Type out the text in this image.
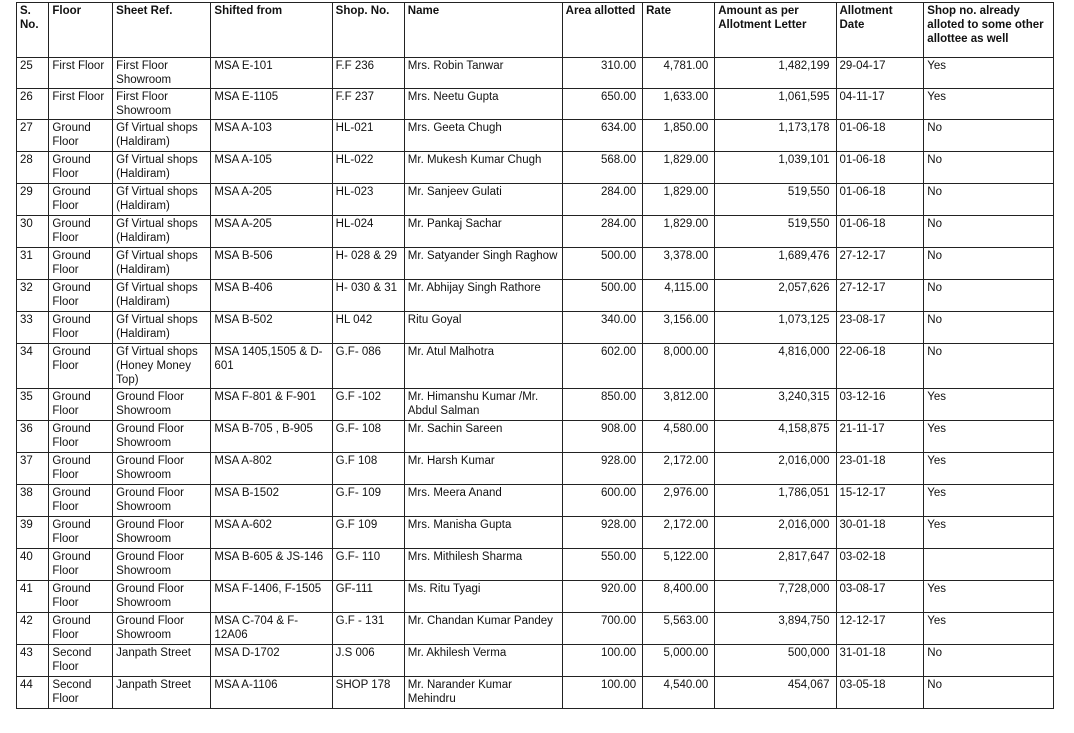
S. No.	Floor	Sheet Ref.	Shifted from	Shop. No.	Name	Area allotted	Rate	Amount as per Allotment Letter	Allotment Date	Shop no. already alloted to some other allottee as well
25	First Floor	First Floor Showroom	MSA E-101	F.F 236	Mrs. Robin Tanwar	310.00	4,781.00	1,482,199	29-04-17	Yes
26	First Floor	First Floor Showroom	MSA E-1105	F.F 237	Mrs. Neetu Gupta	650.00	1,633.00	1,061,595	04-11-17	Yes
27	Ground Floor	Gf Virtual shops (Haldiram)	MSA A-103	HL-021	Mrs. Geeta Chugh	634.00	1,850.00	1,173,178	01-06-18	No
28	Ground Floor	Gf Virtual shops (Haldiram)	MSA A-105	HL-022	Mr. Mukesh Kumar Chugh	568.00	1,829.00	1,039,101	01-06-18	No
29	Ground Floor	Gf Virtual shops (Haldiram)	MSA A-205	HL-023	Mr. Sanjeev Gulati	284.00	1,829.00	519,550	01-06-18	No
30	Ground Floor	Gf Virtual shops (Haldiram)	MSA A-205	HL-024	Mr. Pankaj Sachar	284.00	1,829.00	519,550	01-06-18	No
31	Ground Floor	Gf Virtual shops (Haldiram)	MSA B-506	H- 028 & 29	Mr. Satyander Singh Raghow	500.00	3,378.00	1,689,476	27-12-17	No
32	Ground Floor	Gf Virtual shops (Haldiram)	MSA B-406	H- 030 & 31	Mr. Abhijay Singh Rathore	500.00	4,115.00	2,057,626	27-12-17	No
33	Ground Floor	Gf Virtual shops (Haldiram)	MSA B-502	HL 042	Ritu Goyal	340.00	3,156.00	1,073,125	23-08-17	No
34	Ground Floor	Gf Virtual shops (Honey Money Top)	MSA 1405,1505 & D-601	G.F- 086	Mr. Atul Malhotra	602.00	8,000.00	4,816,000	22-06-18	No
35	Ground Floor	Ground Floor Showroom	MSA F-801 & F-901	G.F -102	Mr. Himanshu Kumar /Mr. Abdul Salman	850.00	3,812.00	3,240,315	03-12-16	Yes
36	Ground Floor	Ground Floor Showroom	MSA B-705 , B-905	G.F- 108	Mr. Sachin Sareen	908.00	4,580.00	4,158,875	21-11-17	Yes
37	Ground Floor	Ground Floor Showroom	MSA A-802	G.F 108	Mr. Harsh Kumar	928.00	2,172.00	2,016,000	23-01-18	Yes
38	Ground Floor	Ground Floor Showroom	MSA B-1502	G.F- 109	Mrs. Meera Anand	600.00	2,976.00	1,786,051	15-12-17	Yes
39	Ground Floor	Ground Floor Showroom	MSA A-602	G.F 109	Mrs. Manisha Gupta	928.00	2,172.00	2,016,000	30-01-18	Yes
40	Ground Floor	Ground Floor Showroom	MSA B-605 & JS-146	G.F- 110	Mrs. Mithilesh Sharma	550.00	5,122.00	2,817,647	03-02-18	
41	Ground Floor	Ground Floor Showroom	MSA F-1406, F-1505	GF-111	Ms. Ritu Tyagi	920.00	8,400.00	7,728,000	03-08-17	Yes
42	Ground Floor	Ground Floor Showroom	MSA C-704 & F-12A06	G.F - 131	Mr. Chandan Kumar Pandey	700.00	5,563.00	3,894,750	12-12-17	Yes
43	Second Floor	Janpath Street	MSA D-1702	J.S 006	Mr. Akhilesh Verma	100.00	5,000.00	500,000	31-01-18	No
44	Second Floor	Janpath Street	MSA A-1106	SHOP 178	Mr. Narander Kumar Mehindru	100.00	4,540.00	454,067	03-05-18	No
